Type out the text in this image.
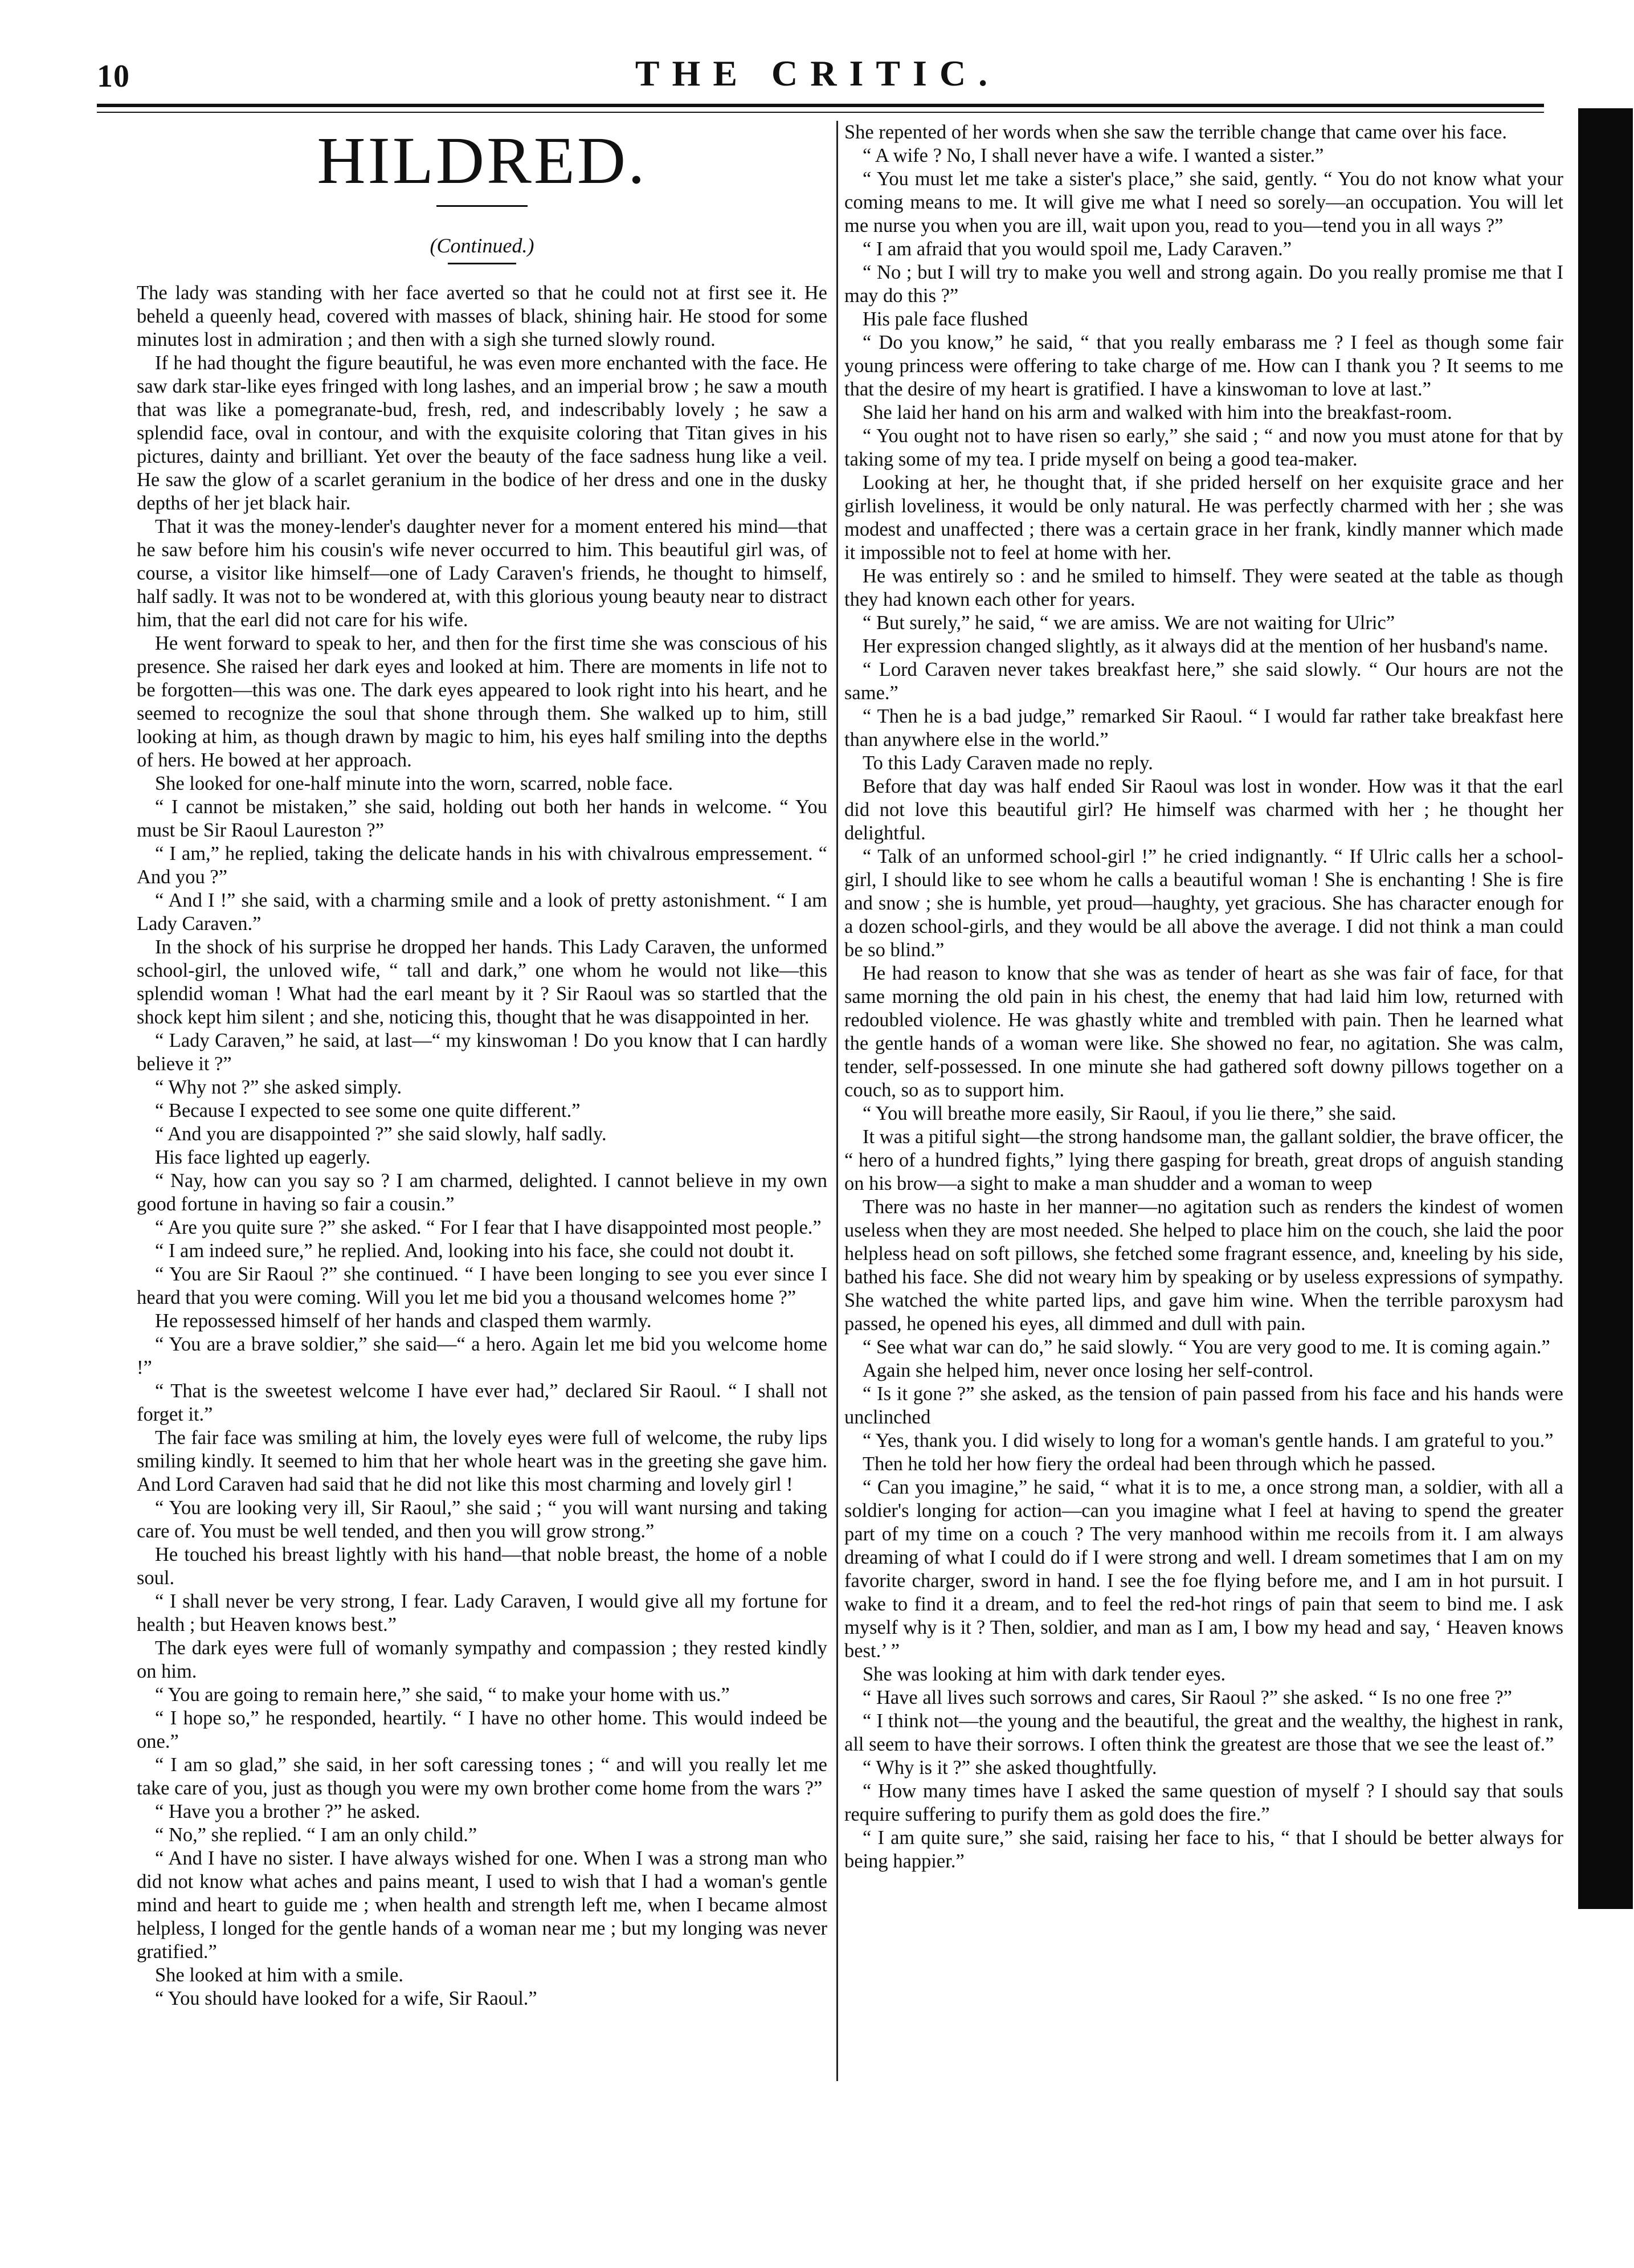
10	THE CRITIC.
HILDRED.
(Continued.)

The lady was standing with her face averted so that he could not at first see it. He beheld a queenly head, covered with masses of black, shining hair. He stood for some minutes lost in admiration ; and then with a sigh she turned slowly round.

If he had thought the figure beautiful, he was even more enchanted with the face. He saw dark star-like eyes fringed with long lashes, and an imperial brow ; he saw a mouth that was like a pomegranate-bud, fresh, red, and indescribably lovely ; he saw a splendid face, oval in contour, and with the exquisite coloring that Titan gives in his pictures, dainty and brilliant. Yet over the beauty of the face sadness hung like a veil. He saw the glow of a scarlet geranium in the bodice of her dress and one in the dusky depths of her jet black hair.

That it was the money-lender's daughter never for a moment entered his mind—that he saw before him his cousin's wife never occurred to him. This beautiful girl was, of course, a visitor like himself—one of Lady Caraven's friends, he thought to himself, half sadly. It was not to be wondered at, with this glorious young beauty near to distract him, that the earl did not care for his wife.

He went forward to speak to her, and then for the first time she was conscious of his presence. She raised her dark eyes and looked at him. There are moments in life not to be forgotten—this was one. The dark eyes appeared to look right into his heart, and he seemed to recognize the soul that shone through them. She walked up to him, still looking at him, as though drawn by magic to him, his eyes half smiling into the depths of hers. He bowed at her approach.

She looked for one-half minute into the worn, scarred, noble face.

“ I cannot be mistaken,” she said, holding out both her hands in welcome. “ You must be Sir Raoul Laureston ?”

“ I am,” he replied, taking the delicate hands in his with chivalrous empressement. “ And you ?”

“ And I !” she said, with a charming smile and a look of pretty astonishment. “ I am Lady Caraven.”

In the shock of his surprise he dropped her hands. This Lady Caraven, the unformed school-girl, the unloved wife, “ tall and dark,” one whom he would not like—this splendid woman ! What had the earl meant by it ? Sir Raoul was so startled that the shock kept him silent ; and she, noticing this, thought that he was disappointed in her.

“ Lady Caraven,” he said, at last—“ my kinswoman ! Do you know that I can hardly believe it ?”

“ Why not ?” she asked simply.

“ Because I expected to see some one quite different.”

“ And you are disappointed ?” she said slowly, half sadly.

His face lighted up eagerly.

“ Nay, how can you say so ? I am charmed, delighted. I cannot believe in my own good fortune in having so fair a cousin.”

“ Are you quite sure ?” she asked. “ For I fear that I have disappointed most people.”

“ I am indeed sure,” he replied. And, looking into his face, she could not doubt it.

“ You are Sir Raoul ?” she continued. “ I have been longing to see you ever since I heard that you were coming. Will you let me bid you a thousand welcomes home ?”

He repossessed himself of her hands and clasped them warmly.

“ You are a brave soldier,” she said—“ a hero. Again let me bid you welcome home !”

“ That is the sweetest welcome I have ever had,” declared Sir Raoul. “ I shall not forget it.”

The fair face was smiling at him, the lovely eyes were full of welcome, the ruby lips smiling kindly. It seemed to him that her whole heart was in the greeting she gave him. And Lord Caraven had said that he did not like this most charming and lovely girl !

“ You are looking very ill, Sir Raoul,” she said ; “ you will want nursing and taking care of. You must be well tended, and then you will grow strong.”

He touched his breast lightly with his hand—that noble breast, the home of a noble soul.

“ I shall never be very strong, I fear. Lady Caraven, I would give all my fortune for health ; but Heaven knows best.”

The dark eyes were full of womanly sympathy and compassion ; they rested kindly on him.

“ You are going to remain here,” she said, “ to make your home with us.”

“ I hope so,” he responded, heartily. “ I have no other home. This would indeed be one.”

“ I am so glad,” she said, in her soft caressing tones ; “ and will you really let me take care of you, just as though you were my own brother come home from the wars ?”

“ Have you a brother ?” he asked.

“ No,” she replied. “ I am an only child.”

“ And I have no sister. I have always wished for one. When I was a strong man who did not know what aches and pains meant, I used to wish that I had a woman's gentle mind and heart to guide me ; when health and strength left me, when I became almost helpless, I longed for the gentle hands of a woman near me ; but my longing was never gratified.”

She looked at him with a smile.

“ You should have looked for a wife, Sir Raoul.”

She repented of her words when she saw the terrible change that came over his face.

“ A wife ? No, I shall never have a wife. I wanted a sister.”

“ You must let me take a sister's place,” she said, gently. “ You do not know what your coming means to me. It will give me what I need so sorely—an occupation. You will let me nurse you when you are ill, wait upon you, read to you—tend you in all ways ?”

“ I am afraid that you would spoil me, Lady Caraven.”

“ No ; but I will try to make you well and strong again. Do you really promise me that I may do this ?”

His pale face flushed

“ Do you know,” he said, “ that you really embarass me ? I feel as though some fair young princess were offering to take charge of me. How can I thank you ? It seems to me that the desire of my heart is gratified. I have a kinswoman to love at last.”

She laid her hand on his arm and walked with him into the breakfast-room.

“ You ought not to have risen so early,” she said ; “ and now you must atone for that by taking some of my tea. I pride myself on being a good tea-maker.

Looking at her, he thought that, if she prided herself on her exquisite grace and her girlish loveliness, it would be only natural. He was perfectly charmed with her ; she was modest and unaffected ; there was a certain grace in her frank, kindly manner which made it impossible not to feel at home with her.

He was entirely so : and he smiled to himself. They were seated at the table as though they had known each other for years.

“ But surely,” he said, “ we are amiss. We are not waiting for Ulric”

Her expression changed slightly, as it always did at the mention of her husband's name.

“ Lord Caraven never takes breakfast here,” she said slowly. “ Our hours are not the same.”

“ Then he is a bad judge,” remarked Sir Raoul. “ I would far rather take breakfast here than anywhere else in the world.”

To this Lady Caraven made no reply.

Before that day was half ended Sir Raoul was lost in wonder. How was it that the earl did not love this beautiful girl? He himself was charmed with her ; he thought her delightful.

“ Talk of an unformed school-girl !” he cried indignantly. “ If Ulric calls her a school-girl, I should like to see whom he calls a beautiful woman ! She is enchanting ! She is fire and snow ; she is humble, yet proud—haughty, yet gracious. She has character enough for a dozen school-girls, and they would be all above the average. I did not think a man could be so blind.”

He had reason to know that she was as tender of heart as she was fair of face, for that same morning the old pain in his chest, the enemy that had laid him low, returned with redoubled violence. He was ghastly white and trembled with pain. Then he learned what the gentle hands of a woman were like. She showed no fear, no agitation. She was calm, tender, self-possessed. In one minute she had gathered soft downy pillows together on a couch, so as to support him.

“ You will breathe more easily, Sir Raoul, if you lie there,” she said.

It was a pitiful sight—the strong handsome man, the gallant soldier, the brave officer, the “ hero of a hundred fights,” lying there gasping for breath, great drops of anguish standing on his brow—a sight to make a man shudder and a woman to weep

There was no haste in her manner—no agitation such as renders the kindest of women useless when they are most needed. She helped to place him on the couch, she laid the poor helpless head on soft pillows, she fetched some fragrant essence, and, kneeling by his side, bathed his face. She did not weary him by speaking or by useless expressions of sympathy. She watched the white parted lips, and gave him wine. When the terrible paroxysm had passed, he opened his eyes, all dimmed and dull with pain.

“ See what war can do,” he said slowly. “ You are very good to me. It is coming again.”

Again she helped him, never once losing her self-control.

“ Is it gone ?” she asked, as the tension of pain passed from his face and his hands were unclinched

“ Yes, thank you. I did wisely to long for a woman's gentle hands. I am grateful to you.”

Then he told her how fiery the ordeal had been through which he passed.

“ Can you imagine,” he said, “ what it is to me, a once strong man, a soldier, with all a soldier's longing for action—can you imagine what I feel at having to spend the greater part of my time on a couch ? The very manhood within me recoils from it. I am always dreaming of what I could do if I were strong and well. I dream sometimes that I am on my favorite charger, sword in hand. I see the foe flying before me, and I am in hot pursuit. I wake to find it a dream, and to feel the red-hot rings of pain that seem to bind me. I ask myself why is it ? Then, soldier, and man as I am, I bow my head and say, ‘ Heaven knows best.’ ”

She was looking at him with dark tender eyes.

“ Have all lives such sorrows and cares, Sir Raoul ?” she asked. “ Is no one free ?”

“ I think not—the young and the beautiful, the great and the wealthy, the highest in rank, all seem to have their sorrows. I often think the greatest are those that we see the least of.”

“ Why is it ?” she asked thoughtfully.

“ How many times have I asked the same question of myself ? I should say that souls require suffering to purify them as gold does the fire.”

“ I am quite sure,” she said, raising her face to his, “ that I should be better always for being happier.”
